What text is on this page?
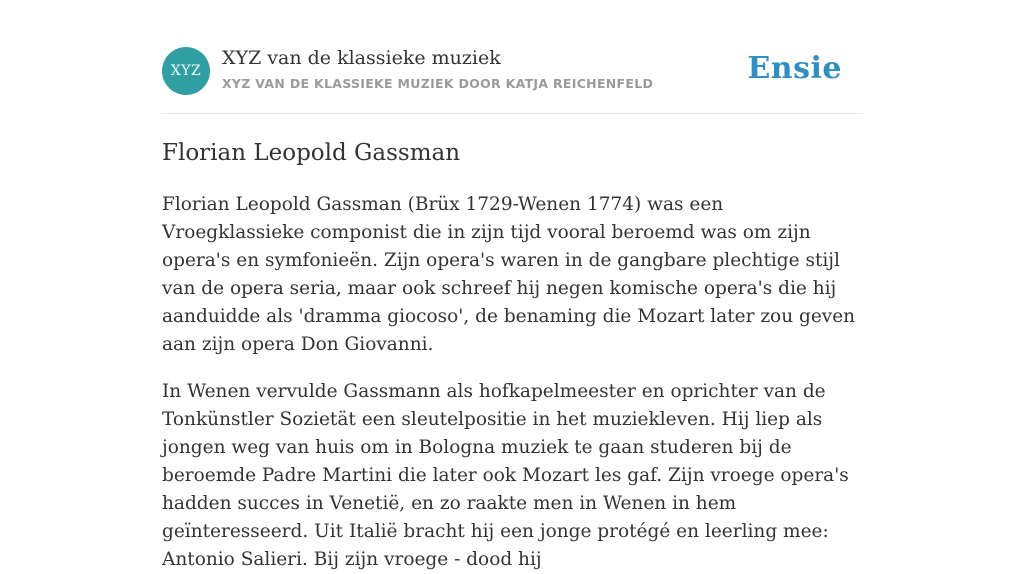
XYZ
XYZ van de klassieke muziek
XYZ VAN DE KLASSIEKE MUZIEK DOOR KATJA REICHENFELD	Ensie
Florian Leopold Gassman

Florian Leopold Gassman (Brüx 1729-Wenen 1774) was een Vroegklassieke componist die in zijn tijd vooral beroemd was om zijn opera's en symfonieën. Zijn opera's waren in de gangbare plechtige stijl van de opera seria, maar ook schreef hij negen komische opera's die hij aanduidde als 'dramma giocoso', de benaming die Mozart later zou geven aan zijn opera Don Giovanni.

In Wenen vervulde Gassmann als hofkapelmeester en oprichter van de Tonkünstler Sozietät een sleutelpositie in het muziekleven. Hij liep als jongen weg van huis om in Bologna muziek te gaan studeren bij de beroemde Padre Martini die later ook Mozart les gaf. Zijn vroege opera's hadden succes in Venetië, en zo raakte men in Wenen in hem geïnteresseerd. Uit Italië bracht hij een jonge protégé en leerling mee: Antonio Salieri. Bij zijn vroege - dood hij
